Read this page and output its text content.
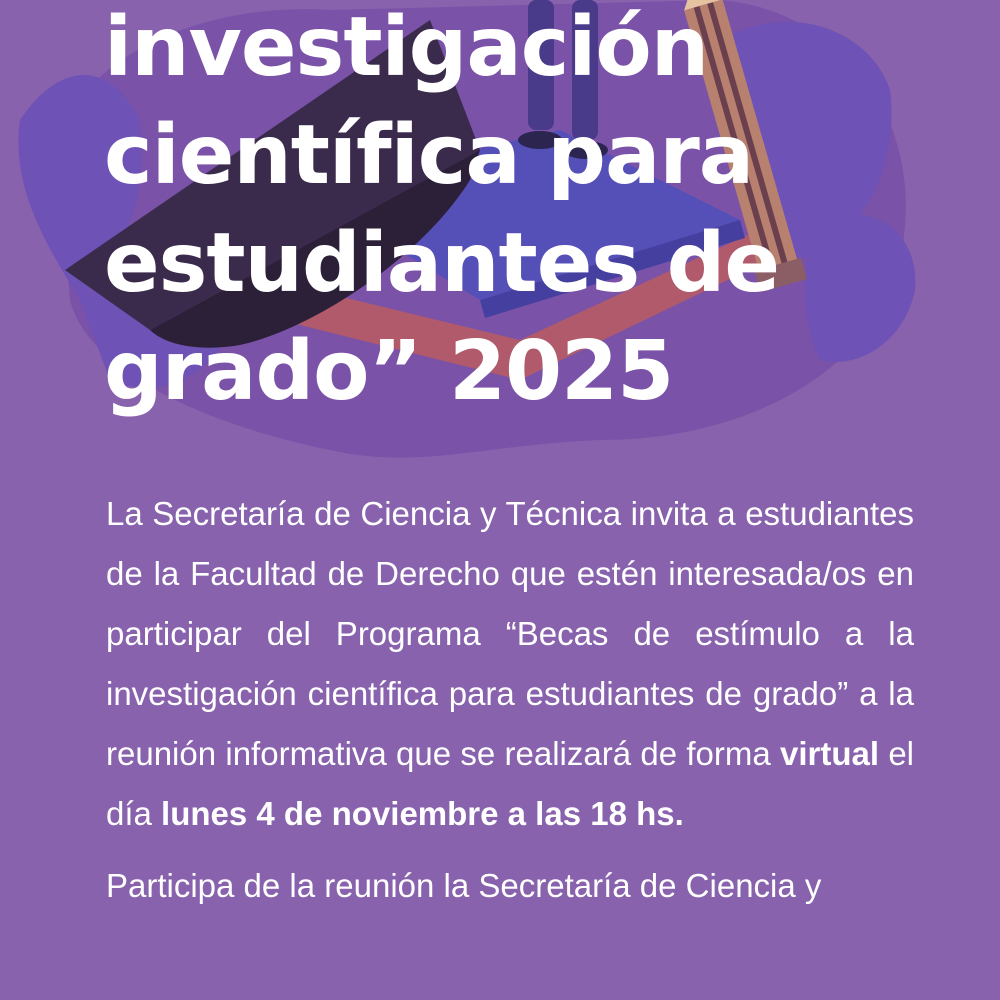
investigación
científica para
estudiantes de
grado” 2025

La Secretaría de Ciencia y Técnica invita a estudiantes de la Facultad de Derecho que estén interesada/os en participar del Programa “Becas de estímulo a la investigación científica para estudiantes de grado” a la reunión informativa que se realizará de forma virtual el día lunes 4 de noviembre a las 18 hs.

Participa de la reunión la Secretaría de Ciencia y
